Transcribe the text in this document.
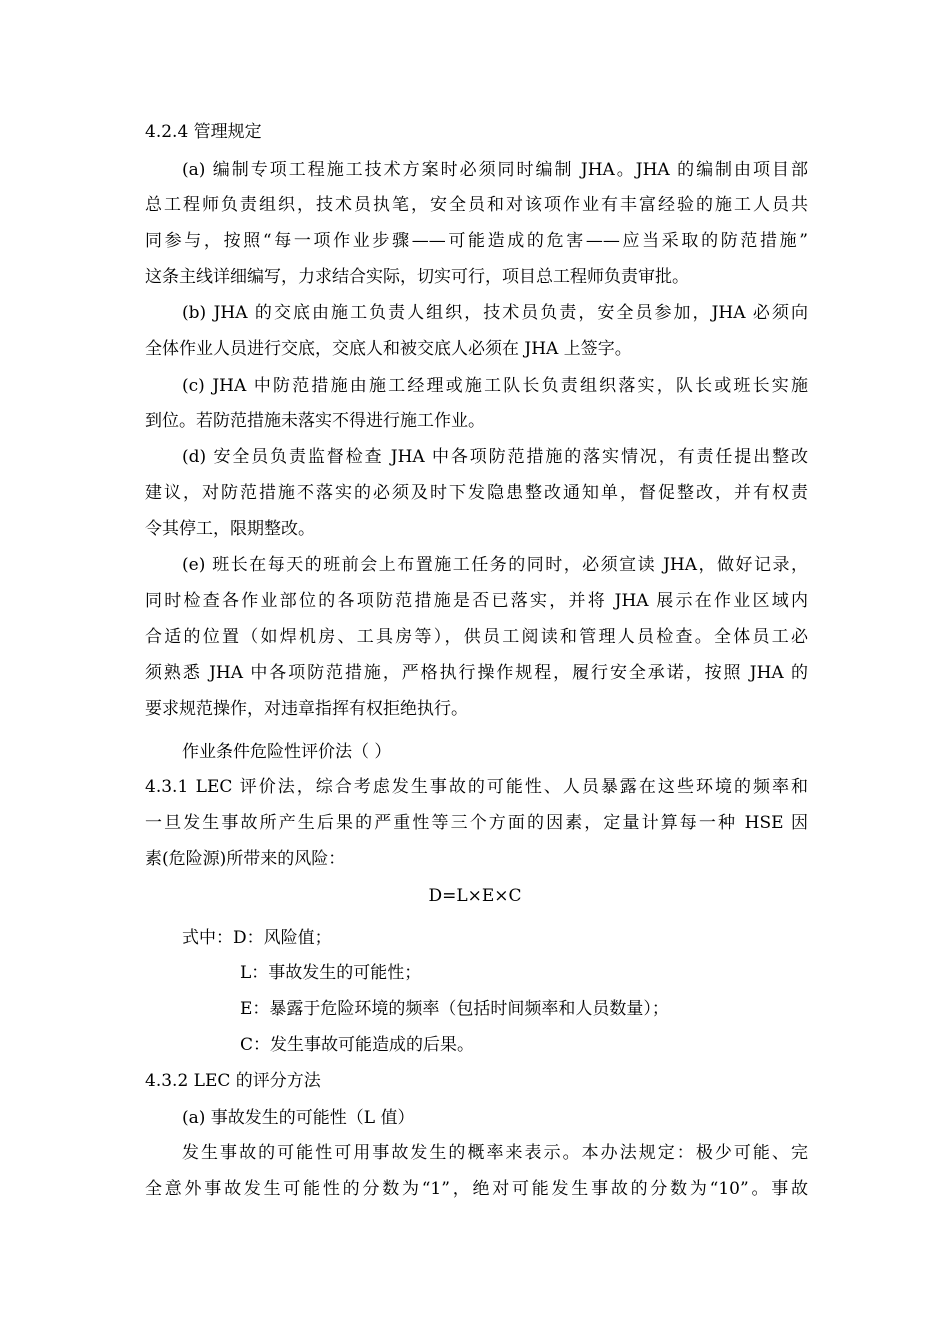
4.2.4 管理规定
(a) 编制专项工程施工技术方案时必须同时编制 JHA。JHA 的编制由项目部
总工程师负责组织，技术员执笔，安全员和对该项作业有丰富经验的施工人员共
同参与，按照“每一项作业步骤——可能造成的危害——应当采取的防范措施”
这条主线详细编写，力求结合实际，切实可行，项目总工程师负责审批。
(b) JHA 的交底由施工负责人组织，技术员负责，安全员参加，JHA 必须向
全体作业人员进行交底，交底人和被交底人必须在 JHA 上签字。
(c) JHA 中防范措施由施工经理或施工队长负责组织落实，队长或班长实施
到位。若防范措施未落实不得进行施工作业。
(d) 安全员负责监督检查 JHA 中各项防范措施的落实情况，有责任提出整改
建议，对防范措施不落实的必须及时下发隐患整改通知单，督促整改，并有权责
令其停工，限期整改。
(e) 班长在每天的班前会上布置施工任务的同时，必须宣读 JHA，做好记录，
同时检查各作业部位的各项防范措施是否已落实，并将 JHA 展示在作业区域内
合适的位置（如焊机房、工具房等），供员工阅读和管理人员检查。全体员工必
须熟悉 JHA 中各项防范措施，严格执行操作规程，履行安全承诺，按照 JHA 的
要求规范操作，对违章指挥有权拒绝执行。
作业条件危险性评价法（ ）
4.3.1 LEC 评价法，综合考虑发生事故的可能性、人员暴露在这些环境的频率和
一旦发生事故所产生后果的严重性等三个方面的因素，定量计算每一种 HSE 因
素(危险源)所带来的风险：
D=L×E×C
式中：D：风险值；
L：事故发生的可能性；
E：暴露于危险环境的频率（包括时间频率和人员数量）；
C：发生事故可能造成的后果。
4.3.2 LEC 的评分方法
(a) 事故发生的可能性（L 值）
发生事故的可能性可用事故发生的概率来表示。本办法规定：极少可能、完
全意外事故发生可能性的分数为“1”，绝对可能发生事故的分数为“10”。事故
